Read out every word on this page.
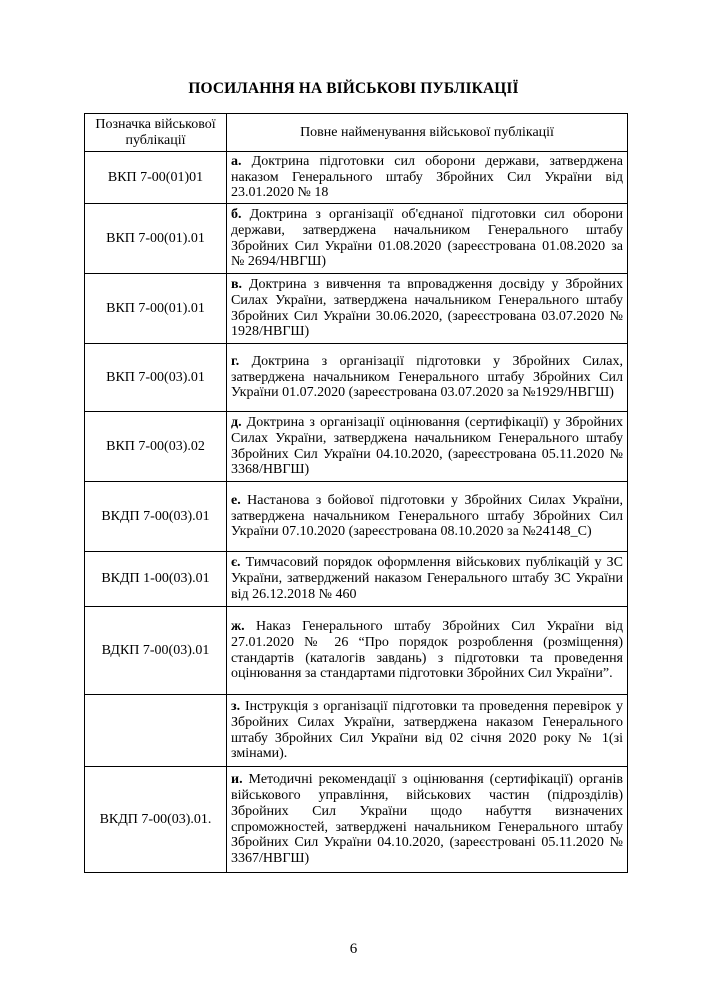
ПОСИЛАННЯ НА ВІЙСЬКОВІ ПУБЛІКАЦІЇ
Позначка військової публікації	Повне найменування військової публікації
ВКП 7-00(01)01	а. Доктрина підготовки сил оборони держави, затверджена наказом Генерального штабу Збройних Сил України від 23.01.2020 № 18
ВКП 7-00(01).01	б. Доктрина з організації об'єднаної підготовки сил оборони держави, затверджена начальником Генерального штабу Збройних Сил України 01.08.2020 (зареєстрована 01.08.2020 за № 2694/НВГШ)
ВКП 7-00(01).01	в. Доктрина з вивчення та впровадження досвіду у Збройних Силах України, затверджена начальником Генерального штабу Збройних Сил України 30.06.2020, (зареєстрована 03.07.2020 № 1928/НВГШ)
ВКП 7-00(03).01	г. Доктрина з організації підготовки у Збройних Силах, затверджена начальником Генерального штабу Збройних Сил України 01.07.2020 (зареєстрована 03.07.2020 за №1929/НВГШ)
ВКП 7-00(03).02	д. Доктрина з організації оцінювання (сертифікації) у Збройних Силах України, затверджена начальником Генерального штабу Збройних Сил України 04.10.2020, (зареєстрована 05.11.2020 № 3368/НВГШ)
ВКДП 7-00(03).01	е. Настанова з бойової підготовки у Збройних Силах України, затверджена начальником Генерального штабу Збройних Сил України 07.10.2020 (зареєстрована 08.10.2020 за №24148_С)
ВКДП 1-00(03).01	є. Тимчасовий порядок оформлення військових публікацій у ЗС України, затверджений наказом Генерального штабу ЗС України від 26.12.2018 № 460
ВДКП 7-00(03).01	ж. Наказ Генерального штабу Збройних Сил України від 27.01.2020 № 26 “Про порядок розроблення (розміщення) стандартів (каталогів завдань) з підготовки та проведення оцінювання за стандартами підготовки Збройних Сил України”.
	з. Інструкція з організації підготовки та проведення перевірок у Збройних Силах України, затверджена наказом Генерального штабу Збройних Сил України від 02 січня 2020 року № 1(зі змінами).
ВКДП 7-00(03).01.	и. Методичні рекомендації з оцінювання (сертифікації) органів військового управління, військових частин (підрозділів) Збройних Сил України щодо набуття визначених спроможностей, затверджені начальником Генерального штабу Збройних Сил України 04.10.2020, (зареєстровані 05.11.2020 № 3367/НВГШ)
6
